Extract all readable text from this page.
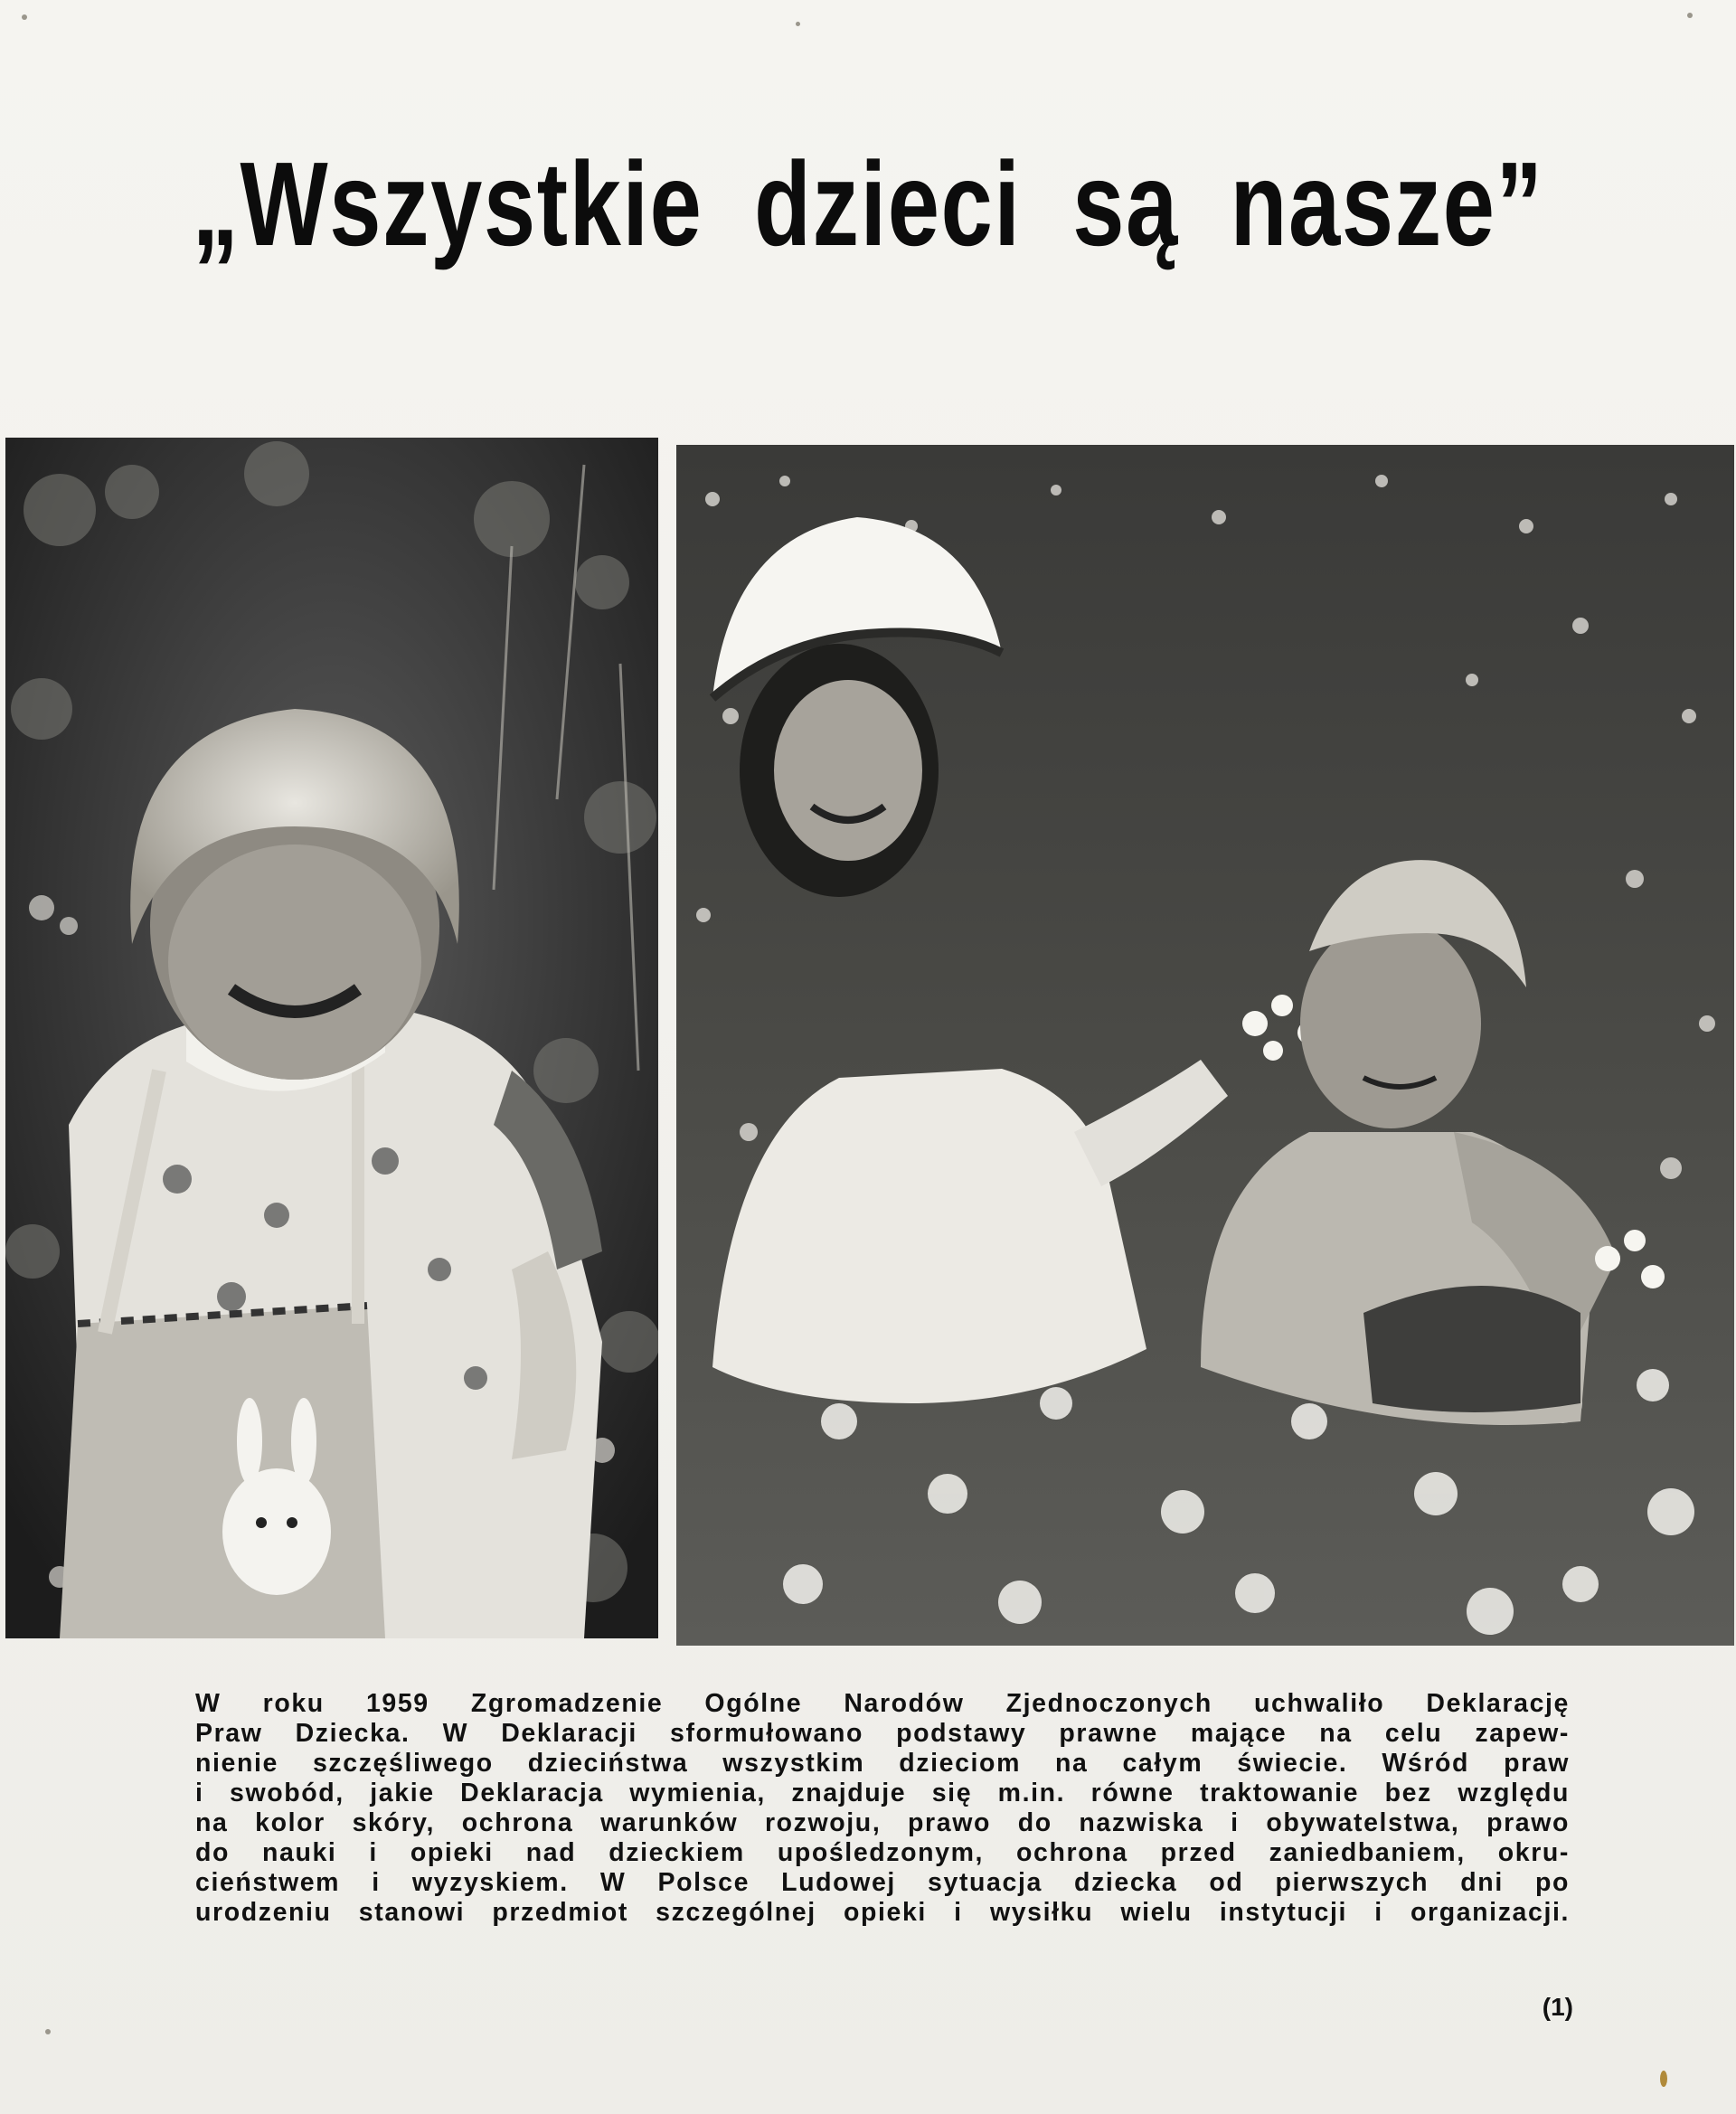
„Wszystkie dzieci są nasze”

W roku 1959 Zgromadzenie Ogólne Narodów Zjednoczonych uchwaliło Deklarację

Praw Dziecka. W Deklaracji sformułowano podstawy prawne mające na celu zapew-

nienie szczęśliwego dzieciństwa wszystkim dzieciom na całym świecie. Wśród praw

i swobód, jakie Deklaracja wymienia, znajduje się m.in. równe traktowanie bez względu

na kolor skóry, ochrona warunków rozwoju, prawo do nazwiska i obywatelstwa, prawo

do nauki i opieki nad dzieckiem upośledzonym, ochrona przed zaniedbaniem, okru-

cieństwem i wyzyskiem. W Polsce Ludowej sytuacja dziecka od pierwszych dni po

urodzeniu stanowi przedmiot szczególnej opieki i wysiłku wielu instytucji i organizacji.

(1)
